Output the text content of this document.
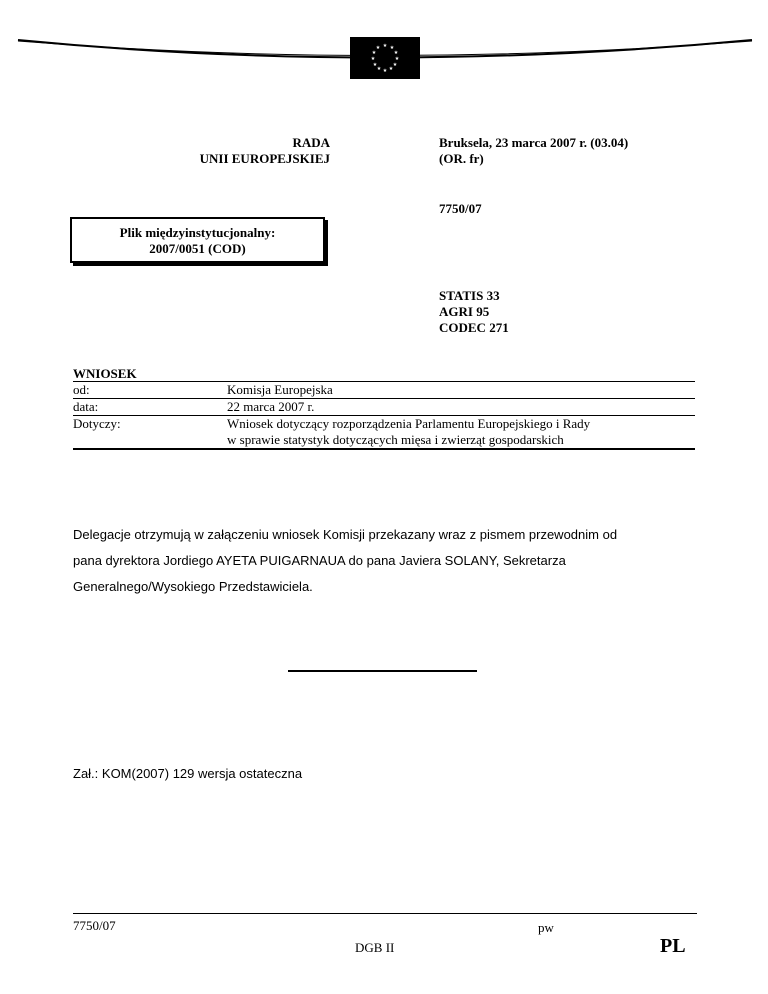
★ ★
★
★
★
★
★
★
★
★
★
★
RADA
UNII EUROPEJSKIEJ
Bruksela, 23 marca 2007 r. (03.04)
(OR. fr)
7750/07
Plik międzyinstytucjonalny:
2007/0051 (COD)
STATIS 33
AGRI 95
CODEC 271
WNIOSEK
od:	Komisja Europejska
data:	22 marca 2007 r.
Dotyczy:	Wniosek dotyczący rozporządzenia Parlamentu Europejskiego i Rady
w sprawie statystyk dotyczących mięsa i zwierząt gospodarskich
Delegacje otrzymują w załączeniu wniosek Komisji przekazany wraz z pismem przewodnim od
pana dyrektora Jordiego AYETA PUIGARNAUA do pana Javiera SOLANY, Sekretarza
Generalnego/Wysokiego Przedstawiciela.
Zał.: KOM(2007) 129 wersja ostateczna
7750/07	pw
DGB II	PL
